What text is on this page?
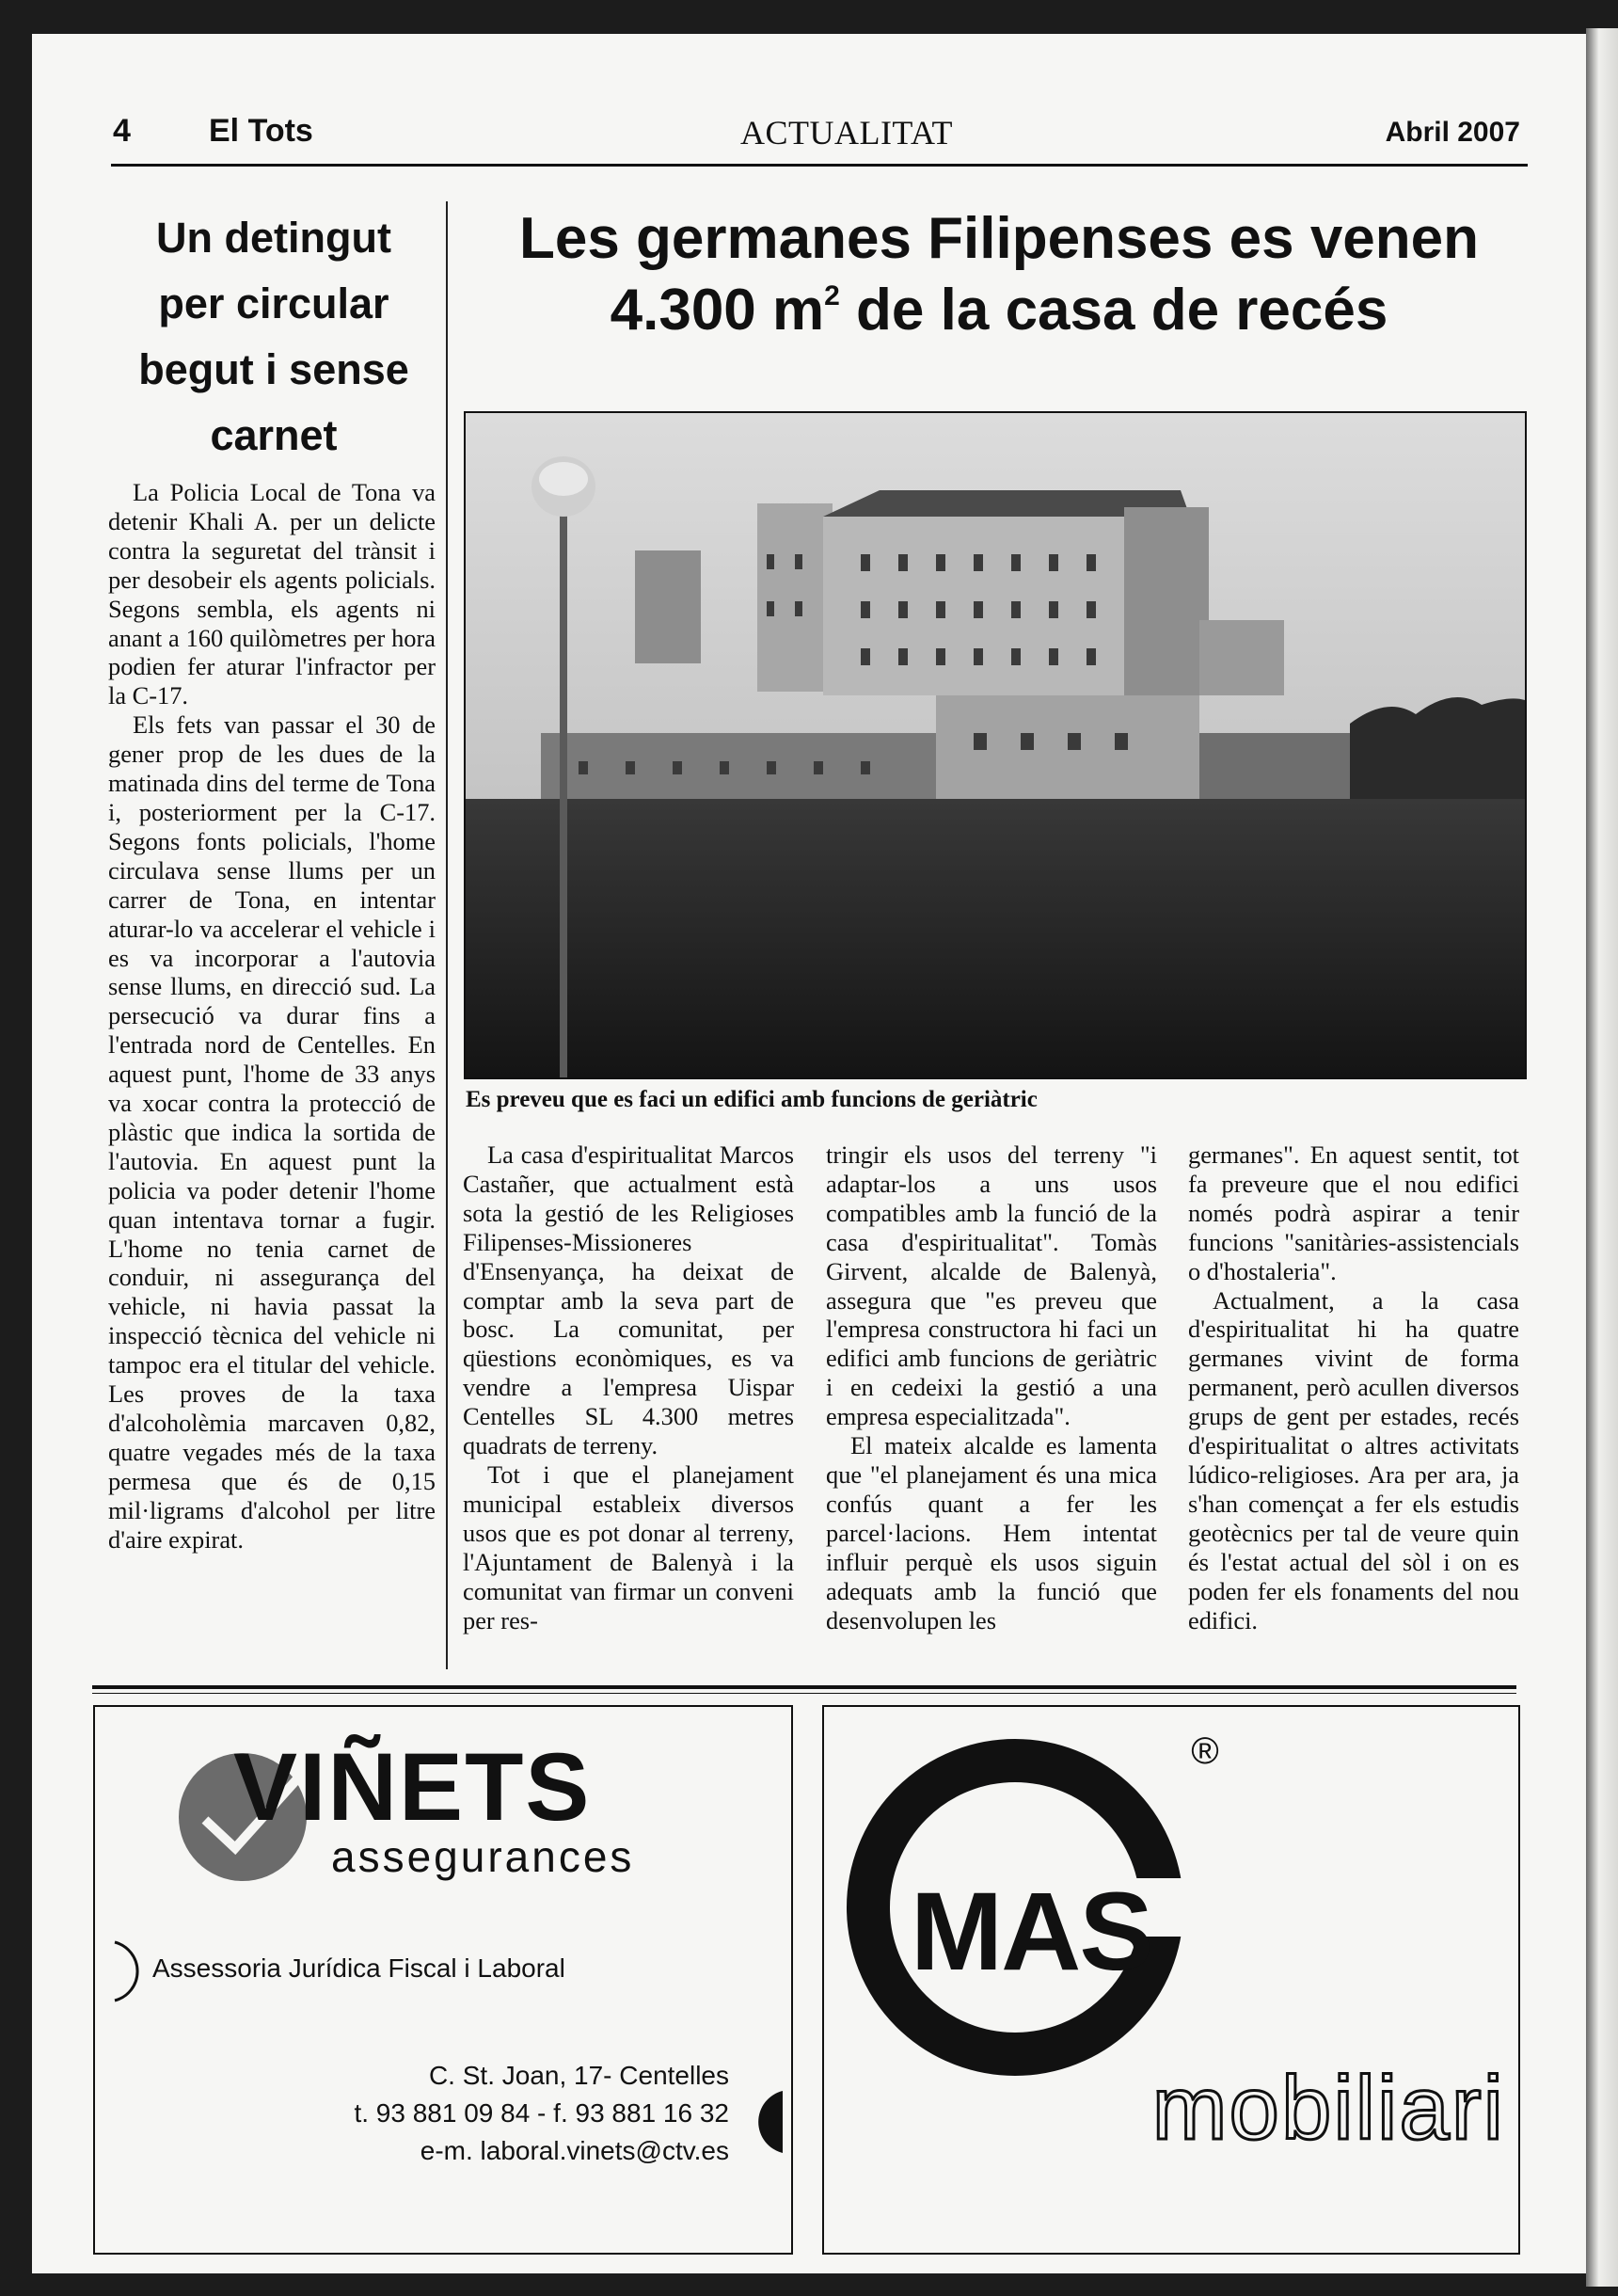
4 El Tots	ACTUALITAT	Abril 2007
Un detingut
per circular
begut i sense
carnet

La Policia Local de Tona va detenir Khali A. per un delicte contra la seguretat del trànsit i per desobeir els agents policials. Segons sembla, els agents ni anant a 160 quilòmetres per hora podien fer aturar l'infractor per la C-17.

Els fets van passar el 30 de gener prop de les dues de la matinada dins del terme de Tona i, posteriorment per la C-17. Segons fonts policials, l'home circulava sense llums per un carrer de Tona, en intentar aturar-lo va accelerar el vehicle i es va incorporar a l'autovia sense llums, en direcció sud. La persecució va durar fins a l'entrada nord de Centelles. En aquest punt, l'home de 33 anys va xocar contra la protecció de plàstic que indica la sortida de l'autovia. En aquest punt la policia va poder detenir l'home quan intentava tornar a fugir. L'home no tenia carnet de conduir, ni assegurança del vehicle, ni havia passat la inspecció tècnica del vehicle ni tampoc era el titular del vehicle. Les proves de la taxa d'alcoholèmia marcaven 0,82, quatre vegades més de la taxa permesa que és de 0,15 mil·ligrams d'alcohol per litre d'aire expirat.

Les germanes Filipenses es venen
4.300 $m^2$ de la casa de recés
Es preveu que es faci un edifici amb funcions de geriàtric

La casa d'espiritualitat Marcos Castañer, que actualment està sota la gestió de les Religioses Filipenses-Missioneres d'Ensenyança, ha deixat de comptar amb la seva part de bosc. La comunitat, per qüestions econòmiques, es va vendre a l'empresa Uispar Centelles SL 4.300 metres quadrats de terreny.

Tot i que el planejament municipal estableix diversos usos que es pot donar al terreny, l'Ajuntament de Balenyà i la comunitat van firmar un conveni per res-

tringir els usos del terreny "i adaptar-los a uns usos compatibles amb la funció de la casa d'espiritualitat". Tomàs Girvent, alcalde de Balenyà, assegura que "es preveu que l'empresa constructora hi faci un edifici amb funcions de geriàtric i en cedeixi la gestió a una empresa especialitzada".

El mateix alcalde es lamenta que "el planejament és una mica confús quant a fer les parcel·lacions. Hem intentat influir perquè els usos siguin adequats amb la funció que desenvolupen les

germanes". En aquest sentit, tot fa preveure que el nou edifici només podrà aspirar a tenir funcions "sanitàries-assistencials o d'hostaleria".

Actualment, a la casa d'espiritualitat hi ha quatre germanes vivint de forma permanent, però acullen diversos grups de gent per estades, recés d'espiritualitat o altres activitats lúdico-religioses. Ara per ara, ja s'han començat a fer els estudis geotècnics per tal de veure quin és l'estat actual del sòl i on es poden fer els fonaments del nou edifici.

VIÑETS
assegurances
Assessoria Jurídica Fiscal i Laboral
C. St. Joan, 17- Centelles
t. 93 881 09 84 - f. 93 881 16 32
e-m. laboral.vinets@ctv.es
®
MAS
mobiliari
